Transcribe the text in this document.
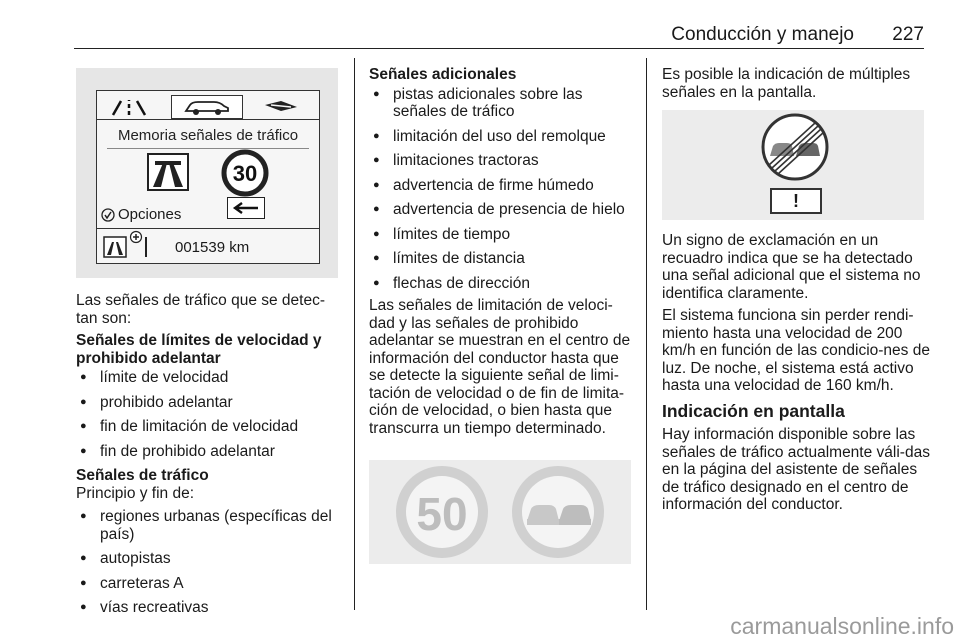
Conducción y manejo 227
Memoria señales de tráfico
30
Opciones
001539 km

Las señales de tráfico que se detec-tan son:

Señales de límites de velocidad y prohibido adelantar
● límite de velocidad
● prohibido adelantar
● fin de limitación de velocidad
● fin de prohibido adelantar
Señales de tráfico

Principio y fin de:

● regiones urbanas (específicas del país)
● autopistas
● carreteras A
● vías recreativas
Señales adicionales
● pistas adicionales sobre las señales de tráfico
● limitación del uso del remolque
● limitaciones tractoras
● advertencia de firme húmedo
● advertencia de presencia de hielo
● límites de tiempo
● límites de distancia
● flechas de dirección

Las señales de limitación de veloci-dad y las señales de prohibido adelantar se muestran en el centro de información del conductor hasta que se detecte la siguiente señal de limi-tación de velocidad o de fin de limita-ción de velocidad, o bien hasta que transcurra un tiempo determinado.

50

Es posible la indicación de múltiples señales en la pantalla.

!

Un signo de exclamación en un recuadro indica que se ha detectado una señal adicional que el sistema no identifica claramente.

El sistema funciona sin perder rendi-miento hasta una velocidad de 200 km/h en función de las condicio-nes de luz. De noche, el sistema está activo hasta una velocidad de 160 km/h.

Indicación en pantalla

Hay información disponible sobre las señales de tráfico actualmente váli-das en la página del asistente de señales de tráfico designado en el centro de información del conductor.

carmanualsonline.info
